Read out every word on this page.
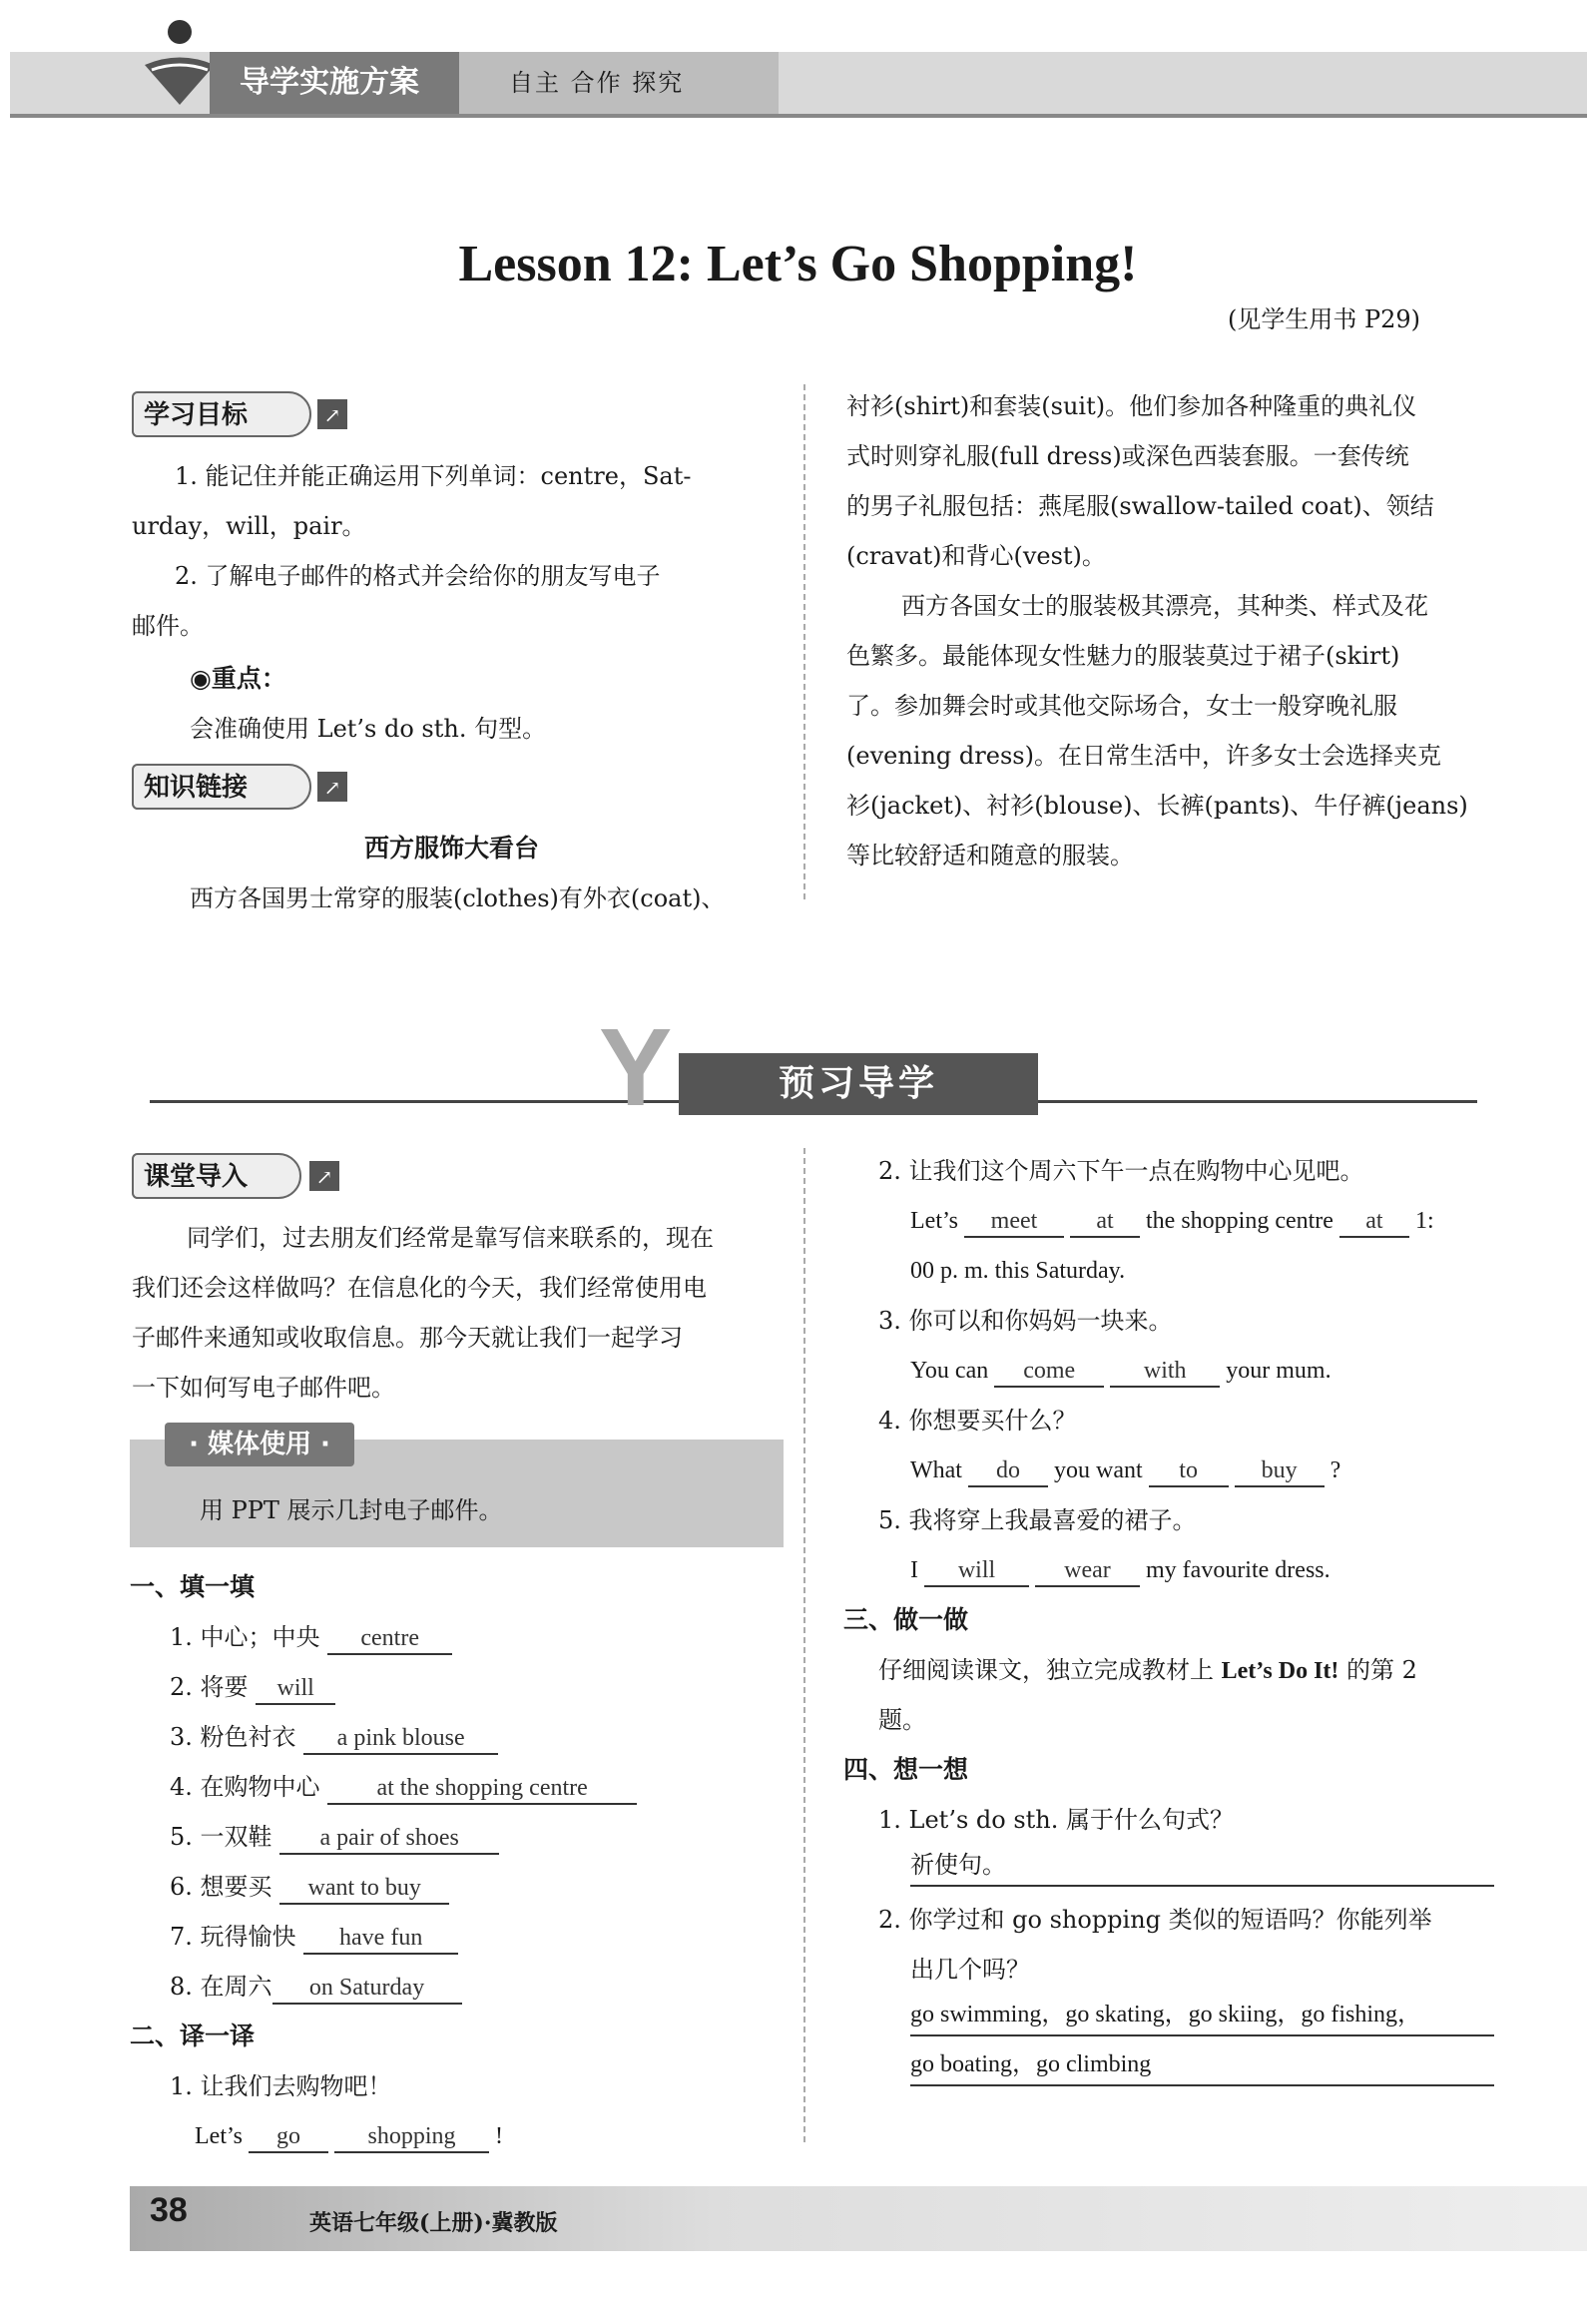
导学实施方案	自主 合作 探究
Lesson 12: Let’s Go Shopping!
(见学生用书 P29)
学习目标	↗
1. 能记住并能正确运用下列单词：centre，Sat-
urday，will，pair。
2. 了解电子邮件的格式并会给你的朋友写电子
邮件。
◉重点：
会准确使用 Let’s do sth. 句型。
知识链接	↗
西方服饰大看台
西方各国男士常穿的服装(clothes)有外衣(coat)、
衬衫(shirt)和套装(suit)。他们参加各种隆重的典礼仪
式时则穿礼服(full dress)或深色西装套服。一套传统
的男子礼服包括：燕尾服(swallow-tailed coat)、领结
(cravat)和背心(vest)。
西方各国女士的服装极其漂亮，其种类、样式及花
色繁多。最能体现女性魅力的服装莫过于裙子(skirt)
了。参加舞会时或其他交际场合，女士一般穿晚礼服
(evening dress)。在日常生活中，许多女士会选择夹克
衫(jacket)、衬衫(blouse)、长裤(pants)、牛仔裤(jeans)
等比较舒适和随意的服装。
Y	预习导学
课堂导入	↗
同学们，过去朋友们经常是靠写信来联系的，现在
我们还会这样做吗？在信息化的今天，我们经常使用电
子邮件来通知或收取信息。那今天就让我们一起学习
一下如何写电子邮件吧。
· 媒体使用 ·
用 PPT 展示几封电子邮件。
一、填一填
1. 中心；中央 centre
2. 将要 will
3. 粉色衬衣 a pink blouse
4. 在购物中心 at the shopping centre
5. 一双鞋 a pair of shoes
6. 想要买 want to buy
7. 玩得愉快 have fun
8. 在周六 on Saturday
二、译一译
1. 让我们去购物吧！
Let’s go	shopping !
2. 让我们这个周六下午一点在购物中心见吧。
Let’s meet at the shopping centre at 1:
00 p. m. this Saturday.
3. 你可以和你妈妈一块来。
You can come	with your mum.
4. 你想要买什么？
What do you want to	buy ?
5. 我将穿上我最喜爱的裙子。
I will	wear my favourite dress.
三、做一做
仔细阅读课文，独立完成教材上 Let’s Do It! 的第 2
题。
四、想一想
1. Let’s do sth. 属于什么句式？
祈使句。
2. 你学过和 go shopping 类似的短语吗？你能列举
出几个吗？
go swimming，go skating，go skiing，go fishing，
go boating，go climbing
38	英语七年级(上册)·冀教版
